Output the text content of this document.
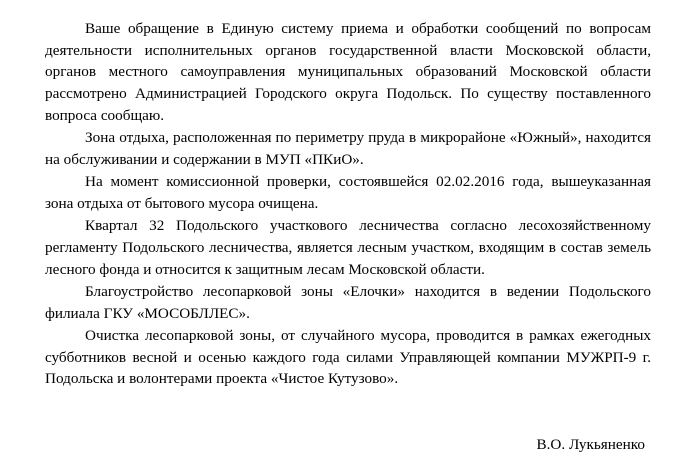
Ваше обращение в Единую систему приема и обработки сообщений по вопросам деятельности исполнительных органов государственной власти Московской области, органов местного самоуправления муниципальных образований Московской области рассмотрено Администрацией Городского округа Подольск. По существу поставленного вопроса сообщаю.

Зона отдыха, расположенная по периметру пруда в микрорайоне «Южный», находится на обслуживании и содержании в МУП «ПКиО».

На момент комиссионной проверки, состоявшейся 02.02.2016 года, вышеуказанная зона отдыха от бытового мусора очищена.

Квартал 32 Подольского участкового лесничества согласно лесохозяйственному регламенту Подольского лесничества, является лесным участком, входящим в состав земель лесного фонда и относится к защитным лесам Московской области.

Благоустройство лесопарковой зоны «Елочки» находится в ведении Подольского филиала ГКУ «МОСОБЛЛЕС».

Очистка лесопарковой зоны, от случайного мусора, проводится в рамках ежегодных субботников весной и осенью каждого года силами Управляющей компании МУЖРП-9 г. Подольска и волонтерами проекта «Чистое Кутузово».

В.О. Лукьяненко
